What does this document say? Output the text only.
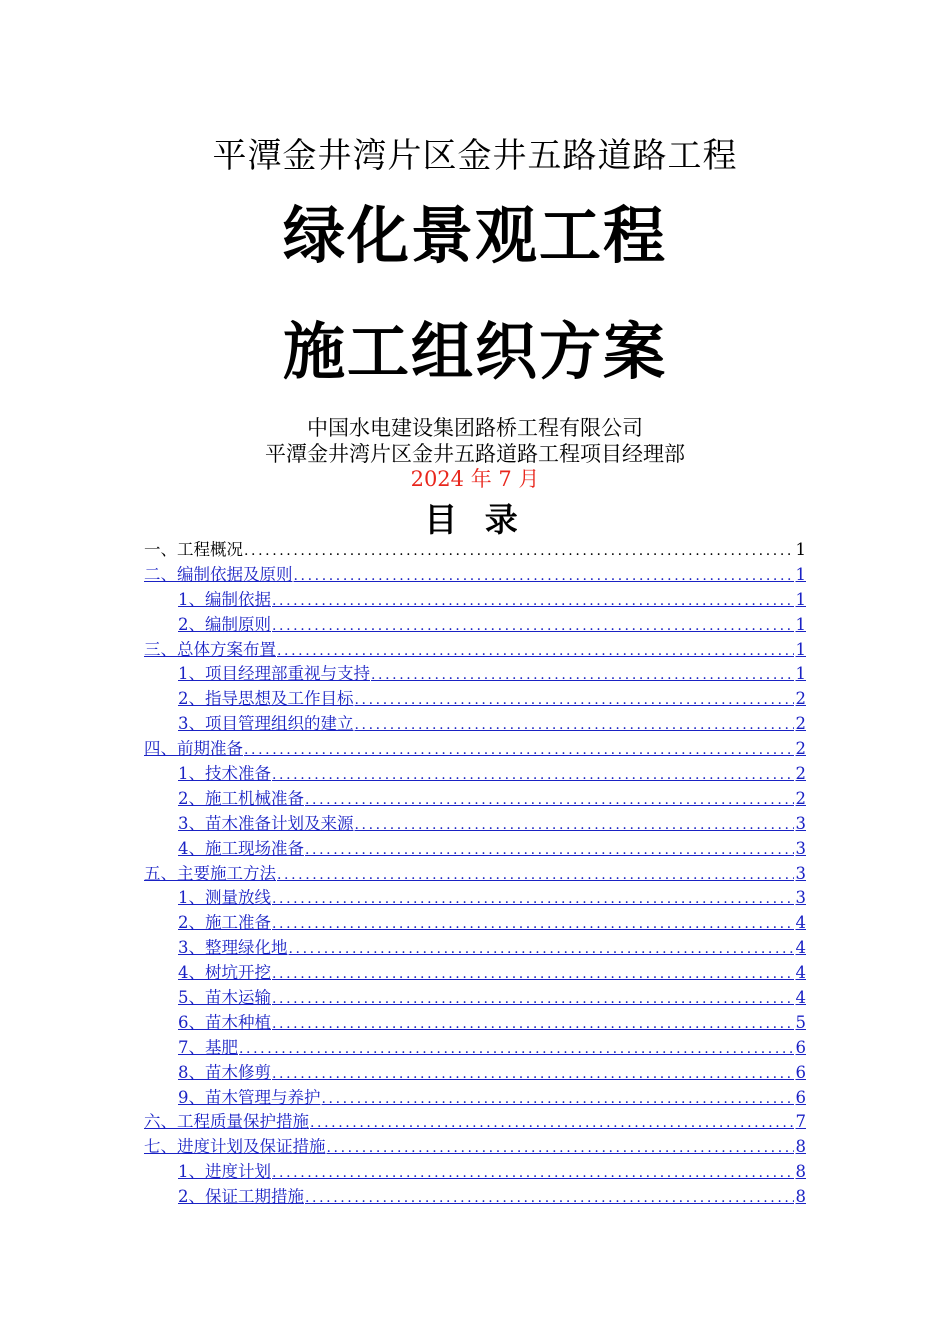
平潭金井湾片区金井五路道路工程
绿化景观工程
施工组织方案
中国水电建设集团路桥工程有限公司
平潭金井湾片区金井五路道路工程项目经理部
2024 年 7 月
目 录
一、工程概况 .....	1
二、编制依据及原则 .....	1
1、编制依据 .....	1
2、编制原则 .....	1
三、总体方案布置 .....	1
1、项目经理部重视与支持 .....	1
2、指导思想及工作目标 .....	2
3、项目管理组织的建立 .....	2
四、前期准备 .....	2
1、技术准备 .....	2
2、施工机械准备 .....	2
3、苗木准备计划及来源 .....	3
4、施工现场准备 .....	3
五、主要施工方法 .....	3
1、测量放线 .....	3
2、施工准备 .....	4
3、整理绿化地 .....	4
4、树坑开挖 .....	4
5、苗木运输 .....	4
6、苗木种植 .....	5
7、基肥 .....	6
8、苗木修剪 .....	6
9、苗木管理与养护 .....	6
六、工程质量保护措施 .....	7
七、进度计划及保证措施 .....	8
1、进度计划 .....	8
2、保证工期措施 .....	8
